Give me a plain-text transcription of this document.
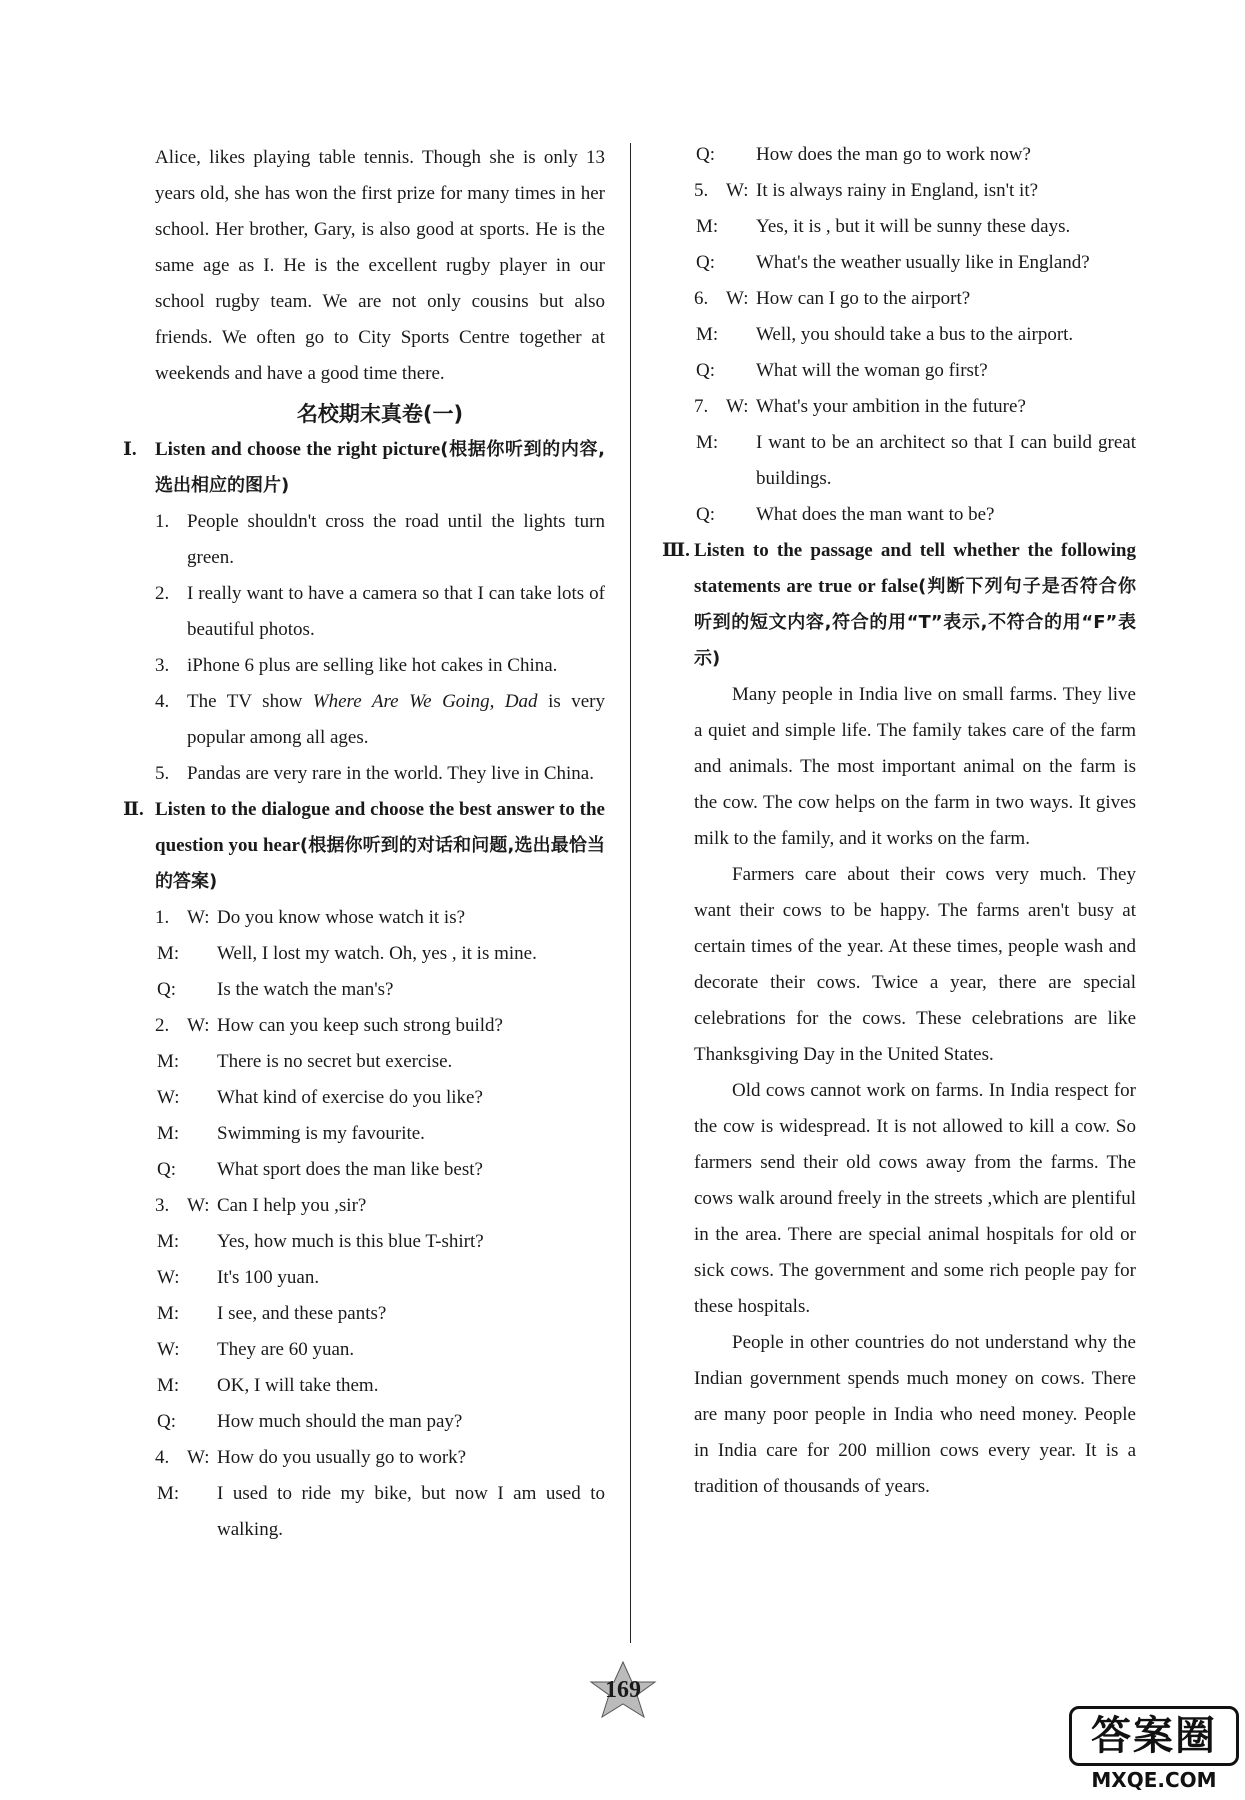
Alice, likes playing table tennis. Though she is only 13 years old, she has won the first prize for many times in her school. Her brother, Gary, is also good at sports. He is the same age as I. He is the excellent rugby player in our school rugby team. We are not only cousins but also friends. We often go to City Sports Centre together at weekends and have a good time there.

名校期末真卷(一)

Ⅰ. Listen and choose the right picture(根据你听到的内容,选出相应的图片)
1. People shouldn't cross the road until the lights turn green.
2. I really want to have a camera so that I can take lots of beautiful photos.
3. iPhone 6 plus are selling like hot cakes in China.
4. The TV show Where Are We Going, Dad is very popular among all ages.
5. Pandas are very rare in the world. They live in China.
Ⅱ. Listen to the dialogue and choose the best answer to the question you hear(根据你听到的对话和问题,选出最恰当的答案)
1. W: Do you know whose watch it is?
M: Well, I lost my watch. Oh, yes , it is mine.
Q: Is the watch the man's?
2. W: How can you keep such strong build?
M: There is no secret but exercise.
W: What kind of exercise do you like?
M: Swimming is my favourite.
Q: What sport does the man like best?
3. W: Can I help you ,sir?
M: Yes, how much is this blue T-shirt?
W: It's 100 yuan.
M: I see, and these pants?
W: They are 60 yuan.
M: OK, I will take them.
Q: How much should the man pay?
4. W: How do you usually go to work?
M: I used to ride my bike, but now I am used to walking.
Q: How does the man go to work now?
5. W: It is always rainy in England, isn't it?
M: Yes, it is , but it will be sunny these days.
Q: What's the weather usually like in England?
6. W: How can I go to the airport?
M: Well, you should take a bus to the airport.
Q: What will the woman go first?
7. W: What's your ambition in the future?
M: I want to be an architect so that I can build great buildings.
Q: What does the man want to be?
Ⅲ. Listen to the passage and tell whether the following statements are true or false(判断下列句子是否符合你听到的短文内容,符合的用“T”表示,不符合的用“F”表示)

Many people in India live on small farms. They live a quiet and simple life. The family takes care of the farm and animals. The most important animal on the farm is the cow. The cow helps on the farm in two ways. It gives milk to the family, and it works on the farm.

Farmers care about their cows very much. They want their cows to be happy. The farms aren't busy at certain times of the year. At these times, people wash and decorate their cows. Twice a year, there are special celebrations for the cows. These celebrations are like Thanksgiving Day in the United States.

Old cows cannot work on farms. In India respect for the cow is widespread. It is not allowed to kill a cow. So farmers send their old cows away from the farms. The cows walk around freely in the streets ,which are plentiful in the area. There are special animal hospitals for old or sick cows. The government and some rich people pay for these hospitals.

People in other countries do not understand why the Indian government spends much money on cows. There are many poor people in India who need money. People in India care for 200 million cows every year. It is a tradition of thousands of years.

169
答案圈
MXQE.COM
